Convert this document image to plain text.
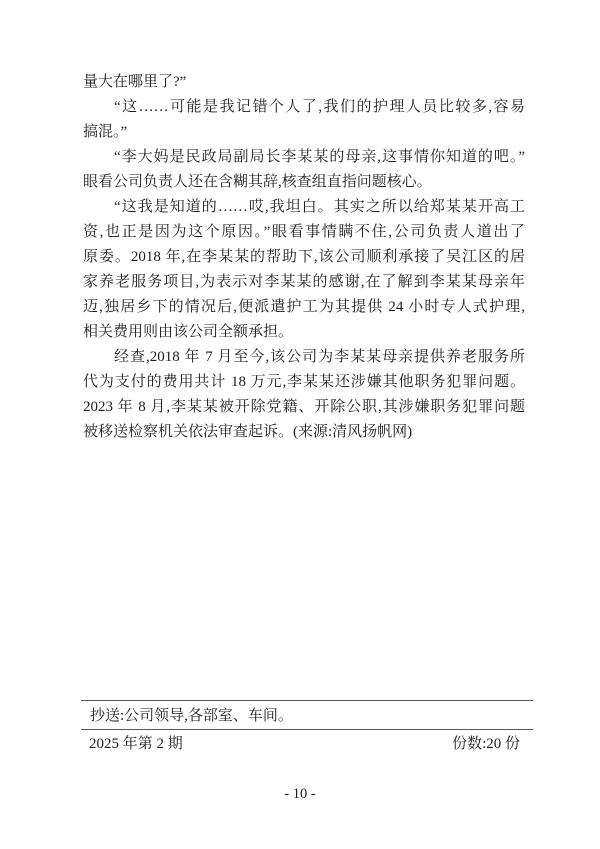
量大在哪里了?”
“这……可能是我记错个人了,我们的护理人员比较多,容易
搞混。”
“李大妈是民政局副局长李某某的母亲,这事情你知道的吧。”
眼看公司负责人还在含糊其辞,核查组直指问题核心。
“这我是知道的……哎,我坦白。其实之所以给郑某某开高工
资,也正是因为这个原因。”眼看事情瞒不住,公司负责人道出了
原委。2018 年,在李某某的帮助下,该公司顺利承接了吴江区的居
家养老服务项目,为表示对李某某的感谢,在了解到李某某母亲年
迈,独居乡下的情况后,便派遣护工为其提供 24 小时专人式护理,
相关费用则由该公司全额承担。
经查,2018 年 7 月至今,该公司为李某某母亲提供养老服务所
代为支付的费用共计 18 万元,李某某还涉嫌其他职务犯罪问题。
2023 年 8 月,李某某被开除党籍、开除公职,其涉嫌职务犯罪问题
被移送检察机关依法审查起诉。(来源:清风扬帆网)
抄送:公司领导,各部室、车间。
2025 年第 2 期	份数:20 份
- 10 -
